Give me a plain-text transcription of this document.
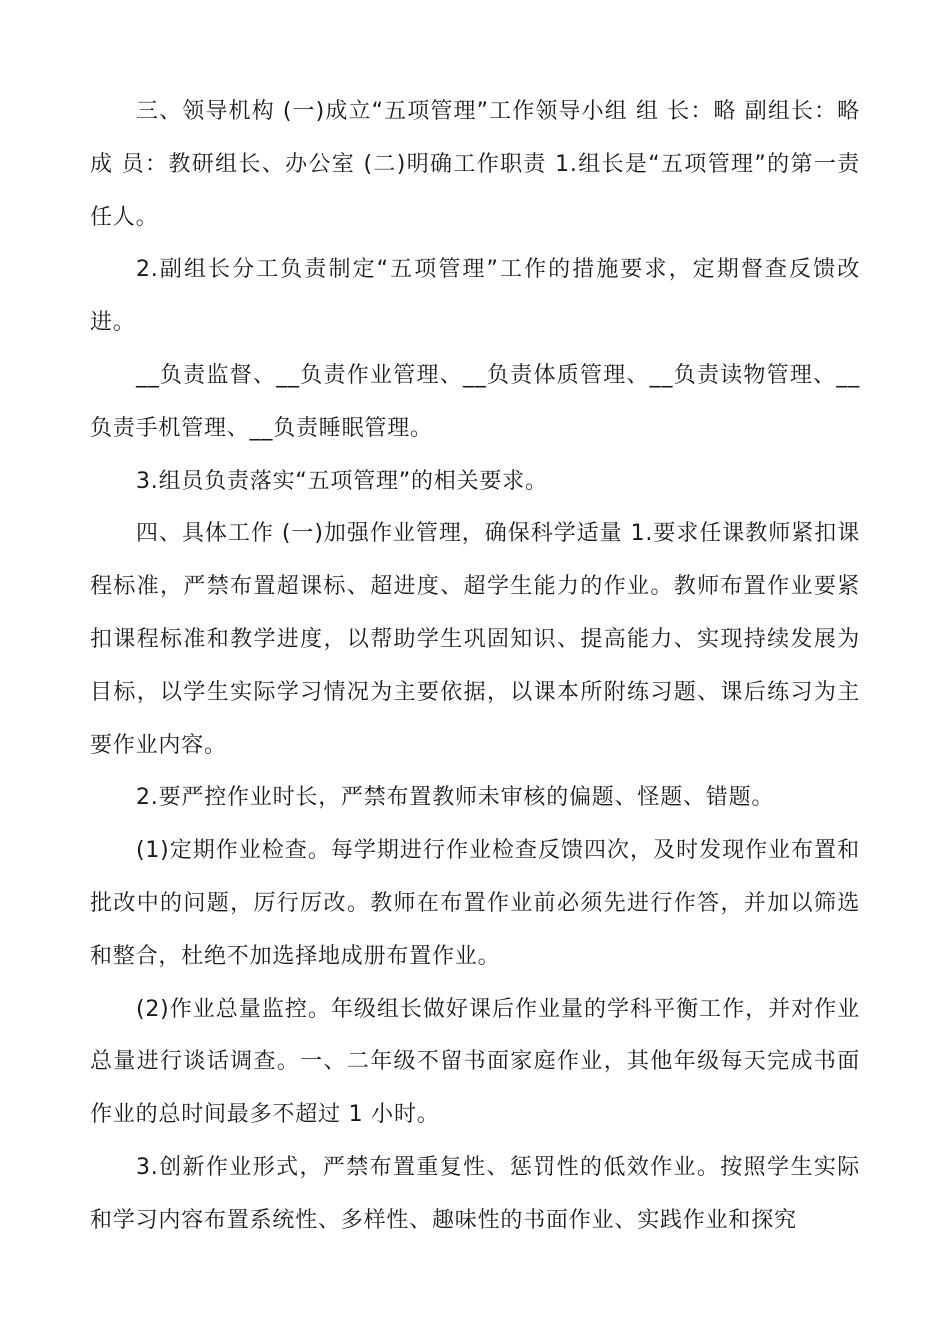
三、领导机构 (一)成立“五项管理”工作领导小组 组 长：略 副组长：略 成 员：教研组长、办公室 (二)明确工作职责 1.组长是“五项管理”的第一责任人。

2.副组长分工负责制定“五项管理”工作的措施要求，定期督查反馈改进。

__负责监督、__负责作业管理、__负责体质管理、__负责读物管理、__负责手机管理、__负责睡眠管理。

3.组员负责落实“五项管理”的相关要求。

四、具体工作 (一)加强作业管理，确保科学适量 1.要求任课教师紧扣课程标准，严禁布置超课标、超进度、超学生能力的作业。教师布置作业要紧扣课程标准和教学进度，以帮助学生巩固知识、提高能力、实现持续发展为目标，以学生实际学习情况为主要依据，以课本所附练习题、课后练习为主要作业内容。

2.要严控作业时长，严禁布置教师未审核的偏题、怪题、错题。

(1)定期作业检查。每学期进行作业检查反馈四次，及时发现作业布置和批改中的问题，厉行厉改。教师在布置作业前必须先进行作答，并加以筛选和整合，杜绝不加选择地成册布置作业。

(2)作业总量监控。年级组长做好课后作业量的学科平衡工作，并对作业总量进行谈话调查。一、二年级不留书面家庭作业，其他年级每天完成书面作业的总时间最多不超过 1 小时。

3.创新作业形式，严禁布置重复性、惩罚性的低效作业。按照学生实际和学习内容布置系统性、多样性、趣味性的书面作业、实践作业和探究
